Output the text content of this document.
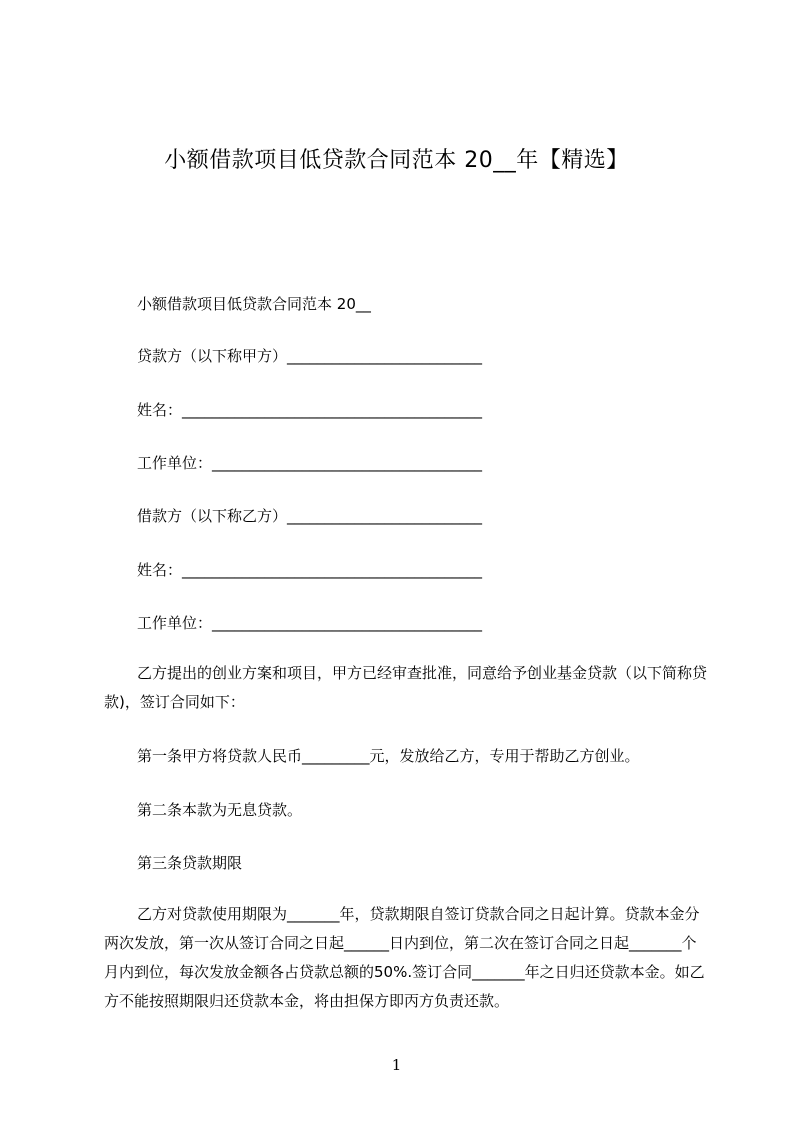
小额借款项目低贷款合同范本 20__年【精选】
小额借款项目低贷款合同范本 20__
贷款方（以下称甲方）__________________________
姓名：________________________________________
工作单位：____________________________________
借款方（以下称乙方）__________________________
姓名：________________________________________
工作单位：____________________________________
乙方提出的创业方案和项目，甲方已经审查批准，同意给予创业基金贷款（以下简称贷款)，签订合同如下：
第一条甲方将贷款人民币_________元，发放给乙方，专用于帮助乙方创业。
第二条本款为无息贷款。
第三条贷款期限
乙方对贷款使用期限为_______年，贷款期限自签订贷款合同之日起计算。贷款本金分两次发放，第一次从签订合同之日起______日内到位，第二次在签订合同之日起_______个月内到位，每次发放金额各占贷款总额的50%.签订合同_______年之日归还贷款本金。如乙方不能按照期限归还贷款本金，将由担保方即丙方负责还款。
1
